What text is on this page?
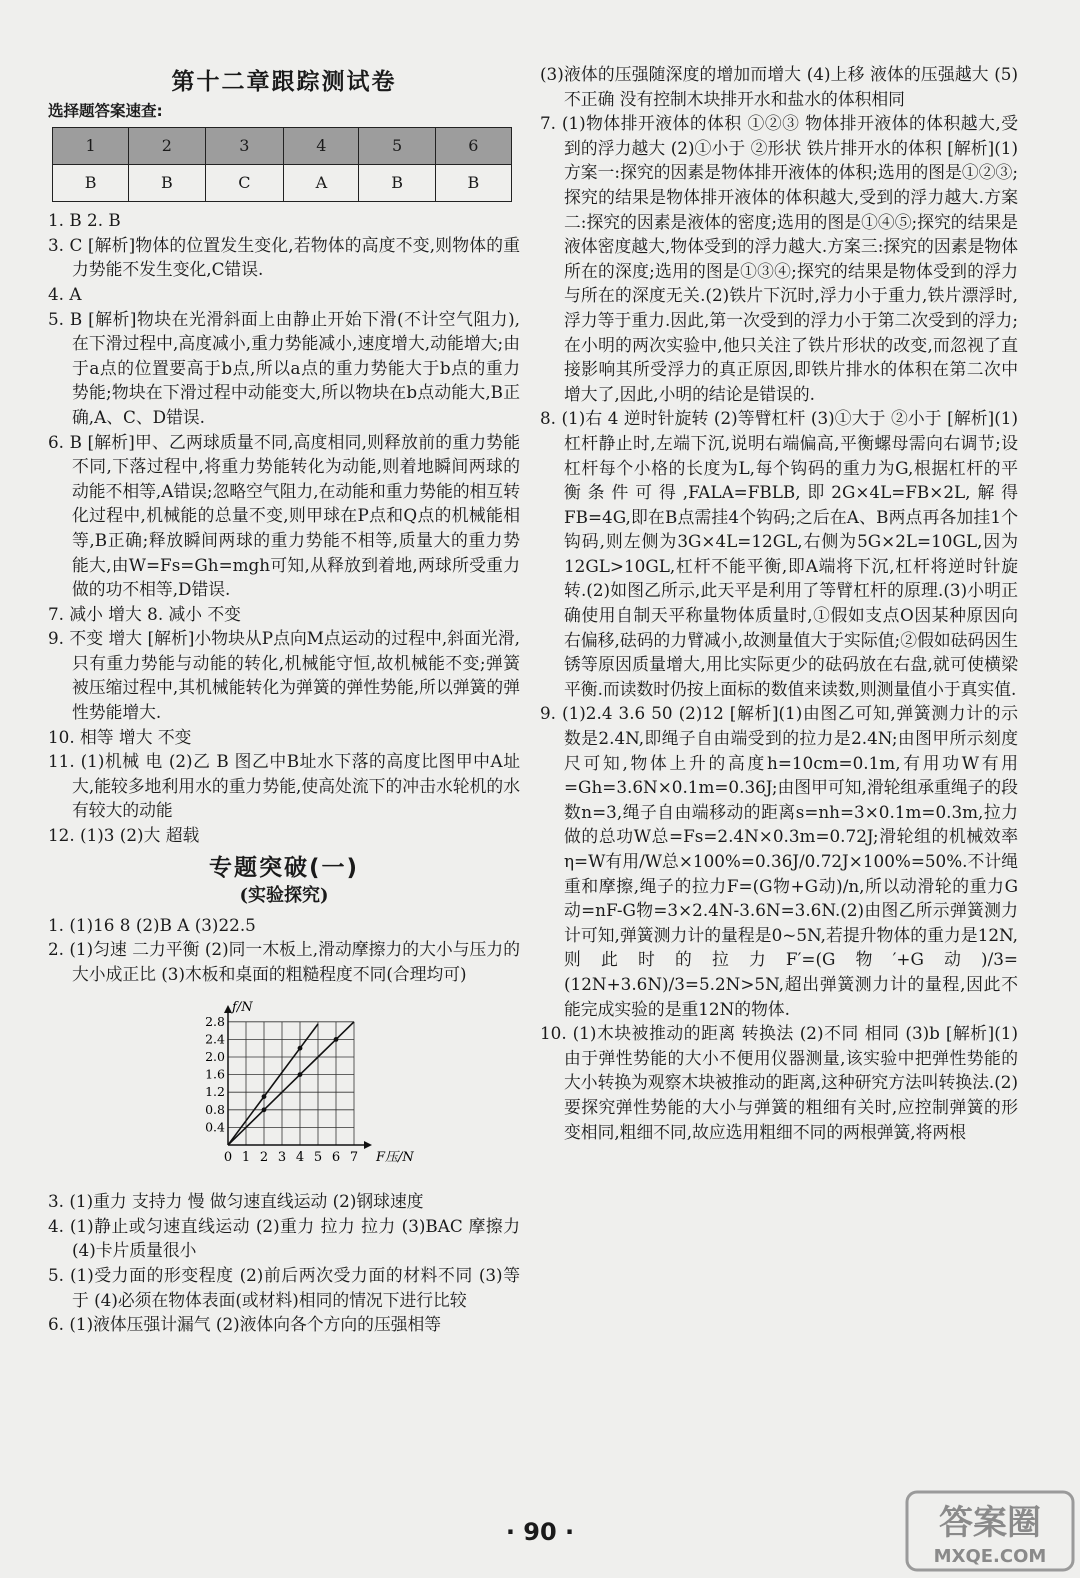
第十二章跟踪测试卷
选择题答案速查:
1	2	3	4	5	6
B	B	C	A	B	B

1. B 2. B

3. C [解析]物体的位置发生变化,若物体的高度不变,则物体的重力势能不发生变化,C错误.

4. A

5. B [解析]物块在光滑斜面上由静止开始下滑(不计空气阻力),在下滑过程中,高度减小,重力势能减小,速度增大,动能增大;由于a点的位置要高于b点,所以a点的重力势能大于b点的重力势能;物块在下滑过程中动能变大,所以物块在b点动能大,B正确,A、C、D错误.

6. B [解析]甲、乙两球质量不同,高度相同,则释放前的重力势能不同,下落过程中,将重力势能转化为动能,则着地瞬间两球的动能不相等,A错误;忽略空气阻力,在动能和重力势能的相互转化过程中,机械能的总量不变,则甲球在P点和Q点的机械能相等,B正确;释放瞬间两球的重力势能不相等,质量大的重力势能大,由W=Fs=Gh=mgh可知,从释放到着地,两球所受重力做的功不相等,D错误.

7. 减小 增大 8. 减小 不变

9. 不变 增大 [解析]小物块从P点向M点运动的过程中,斜面光滑,只有重力势能与动能的转化,机械能守恒,故机械能不变;弹簧被压缩过程中,其机械能转化为弹簧的弹性势能,所以弹簧的弹性势能增大.

10. 相等 增大 不变

11. (1)机械 电 (2)乙 B 图乙中B址水下落的高度比图甲中A址大,能较多地利用水的重力势能,使高处流下的冲击水轮机的水有较大的动能

12. (1)3 (2)大 超载

专题突破(一)
(实验探究)

1. (1)16 8 (2)B A (3)22.5

2. (1)匀速 二力平衡 (2)同一木板上,滑动摩擦力的大小与压力的大小成正比 (3)木板和桌面的粗糙程度不同(合理均可)

0 1 2 3 4 5 6 7
0.4
0.8
1.2
1.6
2.0
2.4
2.8
F压/N
f/N

3. (1)重力 支持力 慢 做匀速直线运动 (2)钢球速度

4. (1)静止或匀速直线运动 (2)重力 拉力 拉力 (3)BAC 摩擦力 (4)卡片质量很小

5. (1)受力面的形变程度 (2)前后两次受力面的材料不同 (3)等于 (4)必须在物体表面(或材料)相同的情况下进行比较

6. (1)液体压强计漏气 (2)液体向各个方向的压强相等

(3)液体的压强随深度的增加而增大 (4)上移 液体的压强越大 (5)不正确 没有控制木块排开水和盐水的体积相同

7. (1)物体排开液体的体积 ①②③ 物体排开液体的体积越大,受到的浮力越大 (2)①小于 ②形状 铁片排开水的体积 [解析](1)方案一:探究的因素是物体排开液体的体积;选用的图是①②③;探究的结果是物体排开液体的体积越大,受到的浮力越大.方案二:探究的因素是液体的密度;选用的图是①④⑤;探究的结果是液体密度越大,物体受到的浮力越大.方案三:探究的因素是物体所在的深度;选用的图是①③④;探究的结果是物体受到的浮力与所在的深度无关.(2)铁片下沉时,浮力小于重力,铁片漂浮时,浮力等于重力.因此,第一次受到的浮力小于第二次受到的浮力;在小明的两次实验中,他只关注了铁片形状的改变,而忽视了直接影响其所受浮力的真正原因,即铁片排水的体积在第二次中增大了,因此,小明的结论是错误的.

8. (1)右 4 逆时针旋转 (2)等臂杠杆 (3)①大于 ②小于 [解析](1)杠杆静止时,左端下沉,说明右端偏高,平衡螺母需向右调节;设杠杆每个小格的长度为L,每个钩码的重力为G,根据杠杆的平衡条件可得,FALA=FBLB,即2G×4L=FB×2L,解得FB=4G,即在B点需挂4个钩码;之后在A、B两点再各加挂1个钩码,则左侧为3G×4L=12GL,右侧为5G×2L=10GL,因为12GL>10GL,杠杆不能平衡,即A端将下沉,杠杆将逆时针旋转.(2)如图乙所示,此天平是利用了等臂杠杆的原理.(3)小明正确使用自制天平称量物体质量时,①假如支点O因某种原因向右偏移,砝码的力臂减小,故测量值大于实际值;②假如砝码因生锈等原因质量增大,用比实际更少的砝码放在右盘,就可使横梁平衡.而读数时仍按上面标的数值来读数,则测量值小于真实值.

9. (1)2.4 3.6 50 (2)12 [解析](1)由图乙可知,弹簧测力计的示数是2.4N,即绳子自由端受到的拉力是2.4N;由图甲所示刻度尺可知,物体上升的高度h=10cm=0.1m,有用功W有用=Gh=3.6N×0.1m=0.36J;由图甲可知,滑轮组承重绳子的段数n=3,绳子自由端移动的距离s=nh=3×0.1m=0.3m,拉力做的总功W总=Fs=2.4N×0.3m=0.72J;滑轮组的机械效率η=W有用/W总×100%=0.36J/0.72J×100%=50%.不计绳重和摩擦,绳子的拉力F=(G物+G动)/n,所以动滑轮的重力G动=nF-G物=3×2.4N-3.6N=3.6N.(2)由图乙所示弹簧测力计可知,弹簧测力计的量程是0~5N,若提升物体的重力是12N,则此时的拉力F′=(G物′+G动)/3=(12N+3.6N)/3=5.2N>5N,超出弹簧测力计的量程,因此不能完成实验的是重12N的物体.

10. (1)木块被推动的距离 转换法 (2)不同 相同 (3)b [解析](1)由于弹性势能的大小不便用仪器测量,该实验中把弹性势能的大小转换为观察木块被推动的距离,这种研究方法叫转换法.(2)要探究弹性势能的大小与弹簧的粗细有关时,应控制弹簧的形变相同,粗细不同,故应选用粗细不同的两根弹簧,将两根

· 90 ·	答案圈
MXQE.COM
